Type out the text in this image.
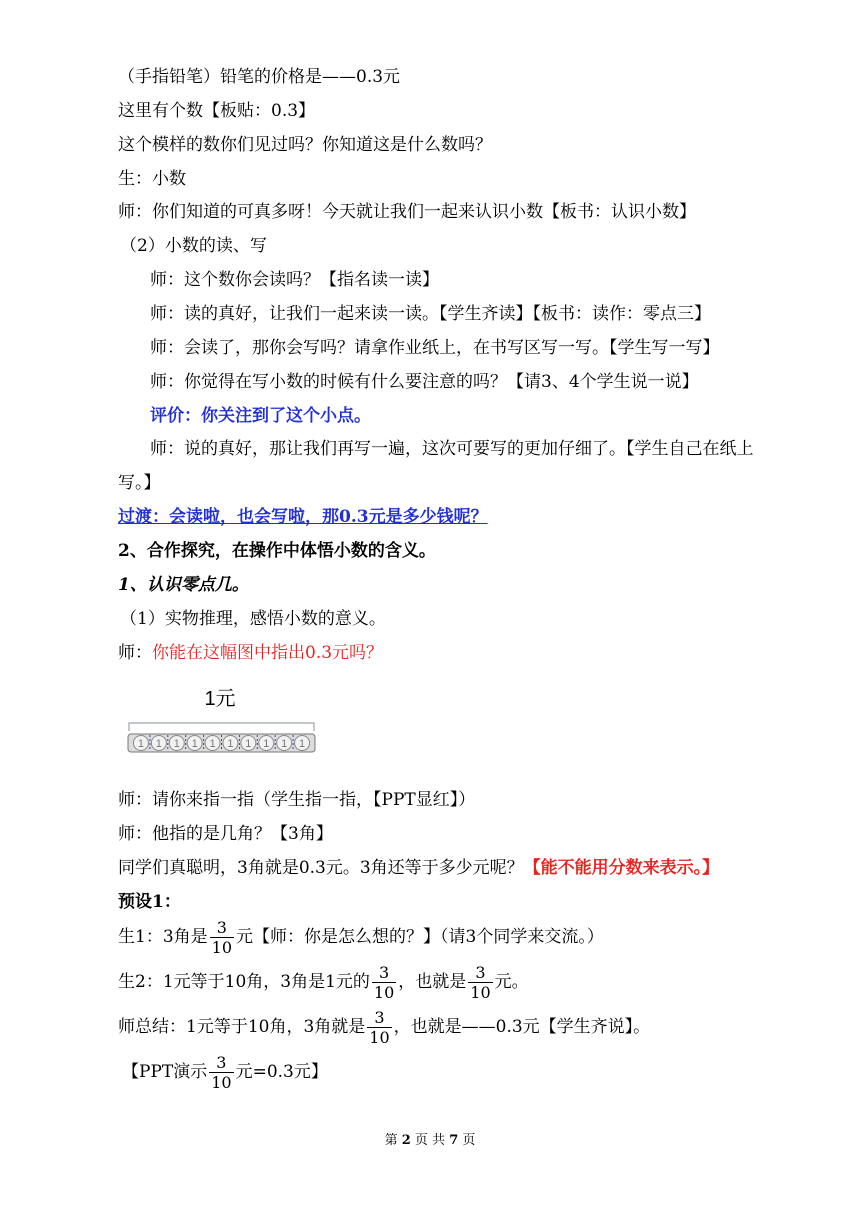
（手指铅笔）铅笔的价格是——0.3元
这里有个数【板贴：0.3】
这个模样的数你们见过吗？你知道这是什么数吗？
生：小数
师：你们知道的可真多呀！今天就让我们一起来认识小数【板书：认识小数】
（2）小数的读、写
师：这个数你会读吗？【指名读一读】
师：读的真好，让我们一起来读一读。【学生齐读】【板书：读作：零点三】
师：会读了，那你会写吗？请拿作业纸上，在书写区写一写。【学生写一写】
师：你觉得在写小数的时候有什么要注意的吗？【请3、4个学生说一说】
评价：你关注到了这个小点。
师：说的真好，那让我们再写一遍，这次可要写的更加仔细了。【学生自己在纸上
写。】
过渡：会读啦，也会写啦，那0.3元是多少钱呢？
2、合作探究，在操作中体悟小数的含义。
1、认识零点几。
（1）实物推理，感悟小数的意义。
师：你能在这幅图中指出0.3元吗？
1元
1 1 1 1 1 1 1 1 1 1
师：请你来指一指（学生指一指，【PPT显红】）
师：他指的是几角？【3角】
同学们真聪明，3角就是0.3元。3角还等于多少元呢？【能不能用分数来表示。】
预设1：
生1：3角是 $\frac{3}{10}$ 元【师：你是怎么想的？】（请3个同学来交流。）
生2：1元等于10角，3角是1元的 $\frac{3}{10}$ ，也就是 $\frac{3}{10}$ 元。
师总结：1元等于10角，3角就是 $\frac{3}{10}$ ，也就是——0.3元【学生齐说】。
【PPT演示 $\frac{3}{10}$ 元=0.3元】
第 2 页 共 7 页
